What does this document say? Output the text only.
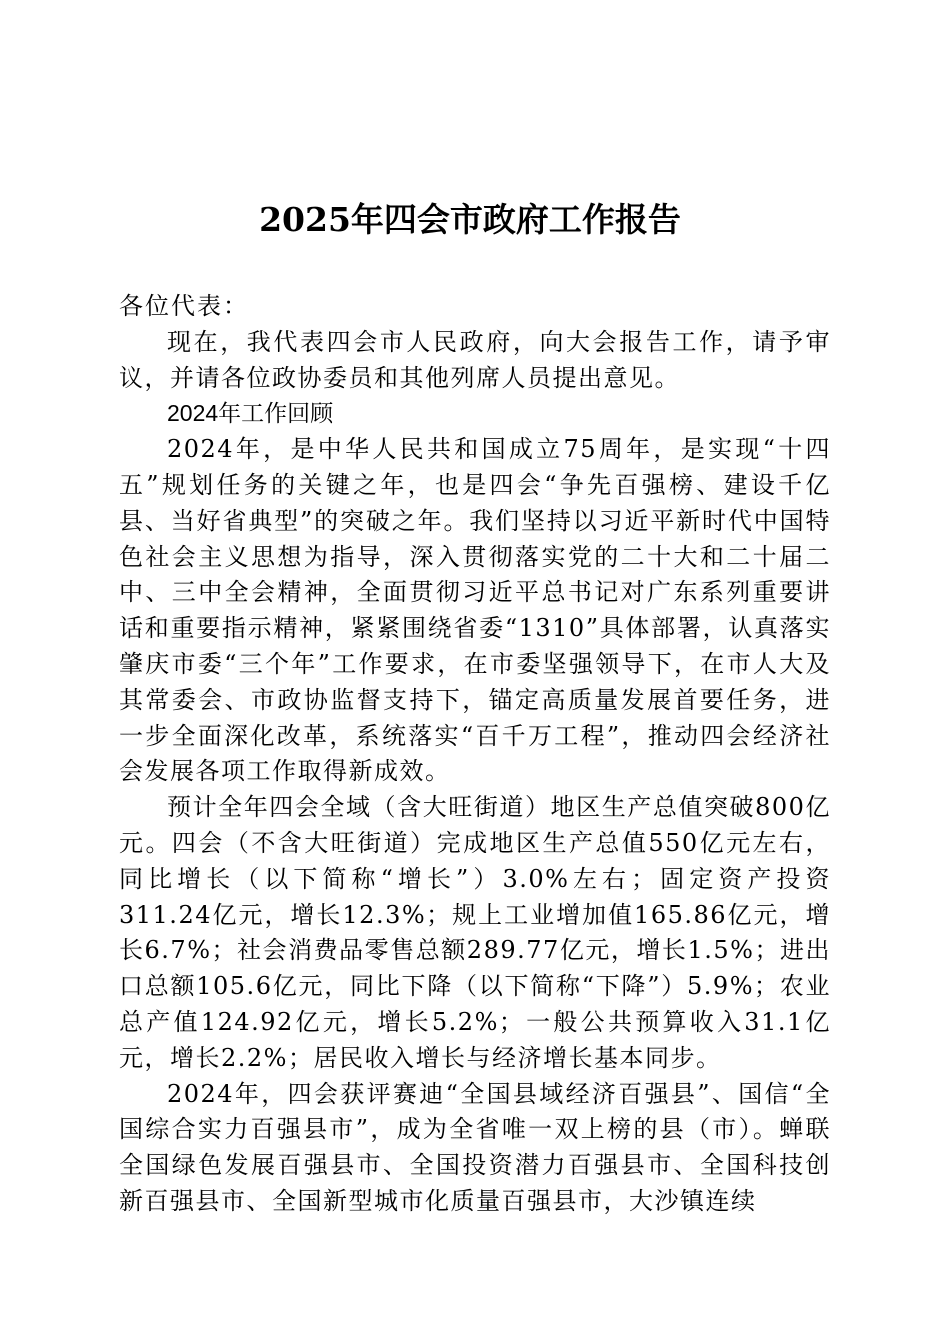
2025年四会市政府工作报告

各位代表：

现在，我代表四会市人民政府，向大会报告工作，请予审议，并请各位政协委员和其他列席人员提出意见。

2024年工作回顾

2024年，是中华人民共和国成立75周年，是实现“十四五”规划任务的关键之年，也是四会“争先百强榜、建设千亿县、当好省典型”的突破之年。我们坚持以习近平新时代中国特色社会主义思想为指导，深入贯彻落实党的二十大和二十届二中、三中全会精神，全面贯彻习近平总书记对广东系列重要讲话和重要指示精神，紧紧围绕省委“1310”具体部署，认真落实肇庆市委“三个年”工作要求，在市委坚强领导下，在市人大及其常委会、市政协监督支持下，锚定高质量发展首要任务，进一步全面深化改革，系统落实“百千万工程”，推动四会经济社会发展各项工作取得新成效。

预计全年四会全域（含大旺街道）地区生产总值突破800亿元。四会（不含大旺街道）完成地区生产总值550亿元左右，同比增长（以下简称“增长”）3.0%左右；固定资产投资311.24亿元，增长12.3%；规上工业增加值165.86亿元，增长6.7%；社会消费品零售总额289.77亿元，增长1.5%；进出口总额105.6亿元，同比下降（以下简称“下降”）5.9%；农业总产值124.92亿元，增长5.2%；一般公共预算收入31.1亿元，增长2.2%；居民收入增长与经济增长基本同步。

2024年，四会获评赛迪“全国县域经济百强县”、国信“全国综合实力百强县市”，成为全省唯一双上榜的县（市）。蝉联全国绿色发展百强县市、全国投资潜力百强县市、全国科技创新百强县市、全国新型城市化质量百强县市，大沙镇连续
